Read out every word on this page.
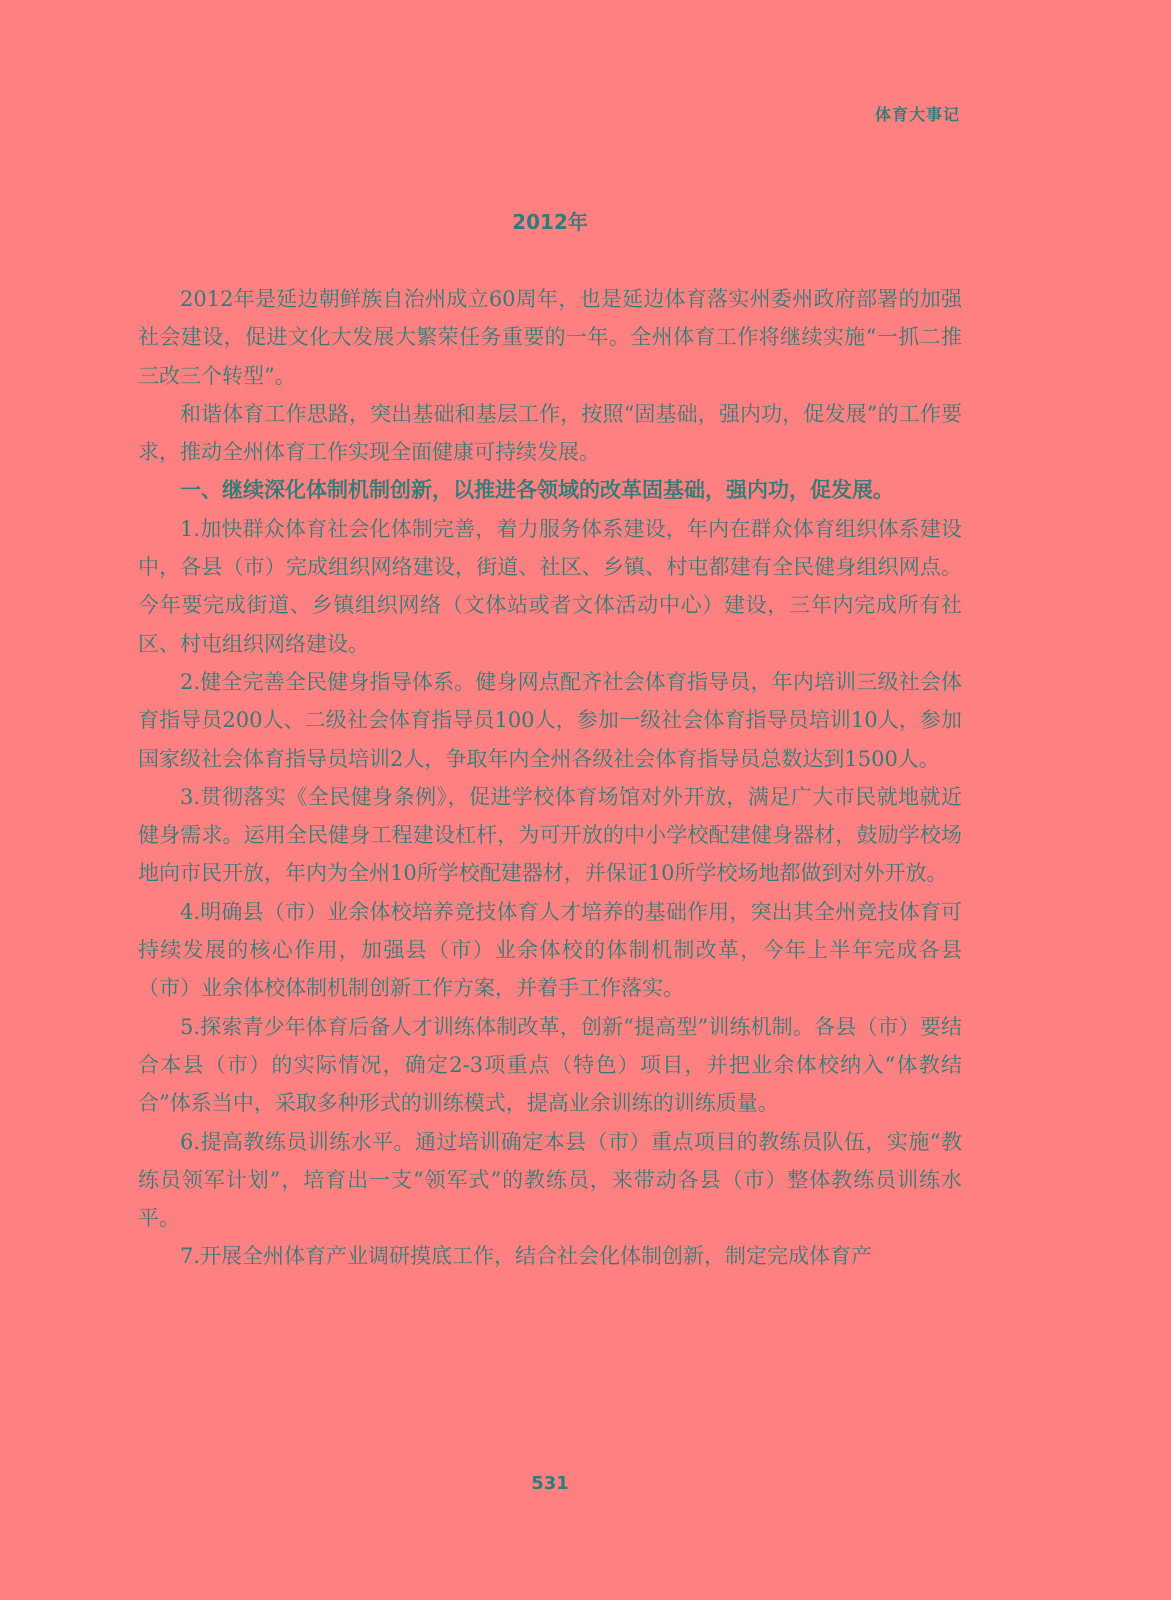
体育大事记
2012年

2012年是延边朝鲜族自治州成立60周年，也是延边体育落实州委州政府部署的加强社会建设，促进文化大发展大繁荣任务重要的一年。全州体育工作将继续实施“一抓二推三改三个转型”。

和谐体育工作思路，突出基础和基层工作，按照“固基础，强内功，促发展”的工作要求，推动全州体育工作实现全面健康可持续发展。

一、继续深化体制机制创新，以推进各领域的改革固基础，强内功，促发展。

1.加快群众体育社会化体制完善，着力服务体系建设，年内在群众体育组织体系建设中，各县（市）完成组织网络建设，街道、社区、乡镇、村屯都建有全民健身组织网点。今年要完成街道、乡镇组织网络（文体站或者文体活动中心）建设，三年内完成所有社区、村屯组织网络建设。

2.健全完善全民健身指导体系。健身网点配齐社会体育指导员，年内培训三级社会体育指导员200人、二级社会体育指导员100人，参加一级社会体育指导员培训10人，参加国家级社会体育指导员培训2人，争取年内全州各级社会体育指导员总数达到1500人。

3.贯彻落实《全民健身条例》，促进学校体育场馆对外开放，满足广大市民就地就近健身需求。运用全民健身工程建设杠杆，为可开放的中小学校配建健身器材，鼓励学校场地向市民开放，年内为全州10所学校配建器材，并保证10所学校场地都做到对外开放。

4.明确县（市）业余体校培养竞技体育人才培养的基础作用，突出其全州竞技体育可持续发展的核心作用，加强县（市）业余体校的体制机制改革，今年上半年完成各县（市）业余体校体制机制创新工作方案，并着手工作落实。

5.探索青少年体育后备人才训练体制改革，创新“提高型”训练机制。各县（市）要结合本县（市）的实际情况，确定2-3项重点（特色）项目，并把业余体校纳入“体教结合”体系当中，采取多种形式的训练模式，提高业余训练的训练质量。

6.提高教练员训练水平。通过培训确定本县（市）重点项目的教练员队伍，实施“教练员领军计划”，培育出一支“领军式”的教练员，来带动各县（市）整体教练员训练水平。

7.开展全州体育产业调研摸底工作，结合社会化体制创新，制定完成体育产

531
